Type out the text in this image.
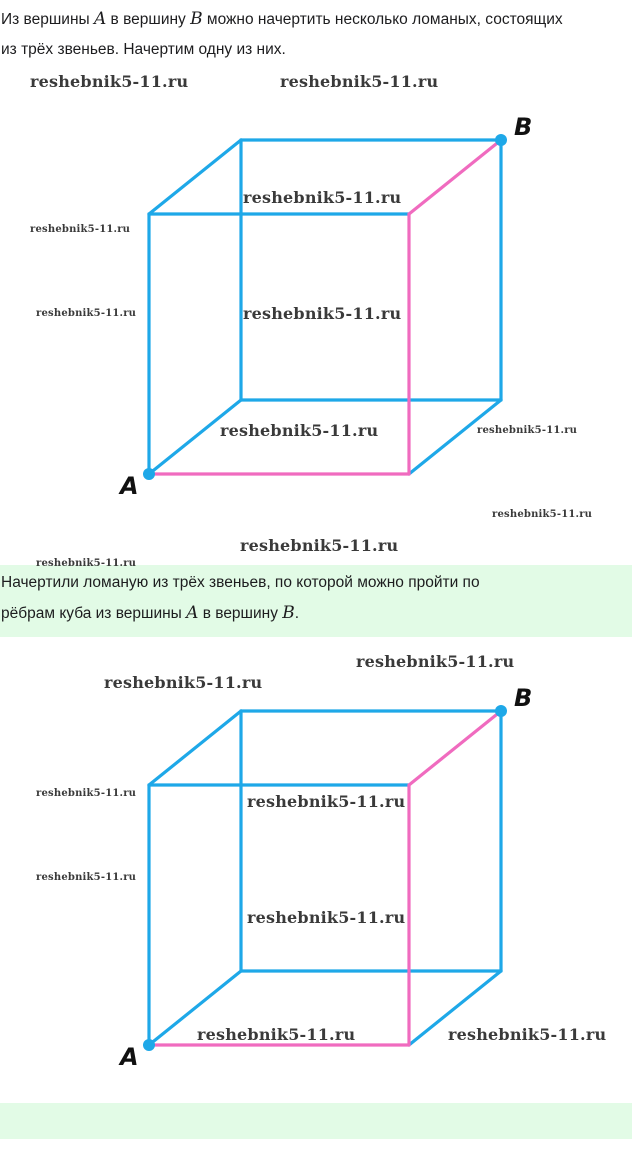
Из вершины A в вершину B можно начертить несколько ломаных, состоящих
из трёх звеньев. Начертим одну из них.
A
B
reshebnik5-11.ru	reshebnik5-11.ru
reshebnik5-11.ru
reshebnik5-11.ru
reshebnik5-11.ru	reshebnik5-11.ru
reshebnik5-11.ru	reshebnik5-11.ru
reshebnik5-11.ru
reshebnik5-11.ru
Начертили ломаную из трёх звеньев, по которой можно пройти по
рёбрам куба из вершины A в вершину B.
reshebnik5-11.ru
A
B
reshebnik5-11.ru
reshebnik5-11.ru
reshebnik5-11.ru	reshebnik5-11.ru
reshebnik5-11.ru
reshebnik5-11.ru
reshebnik5-11.ru	reshebnik5-11.ru
